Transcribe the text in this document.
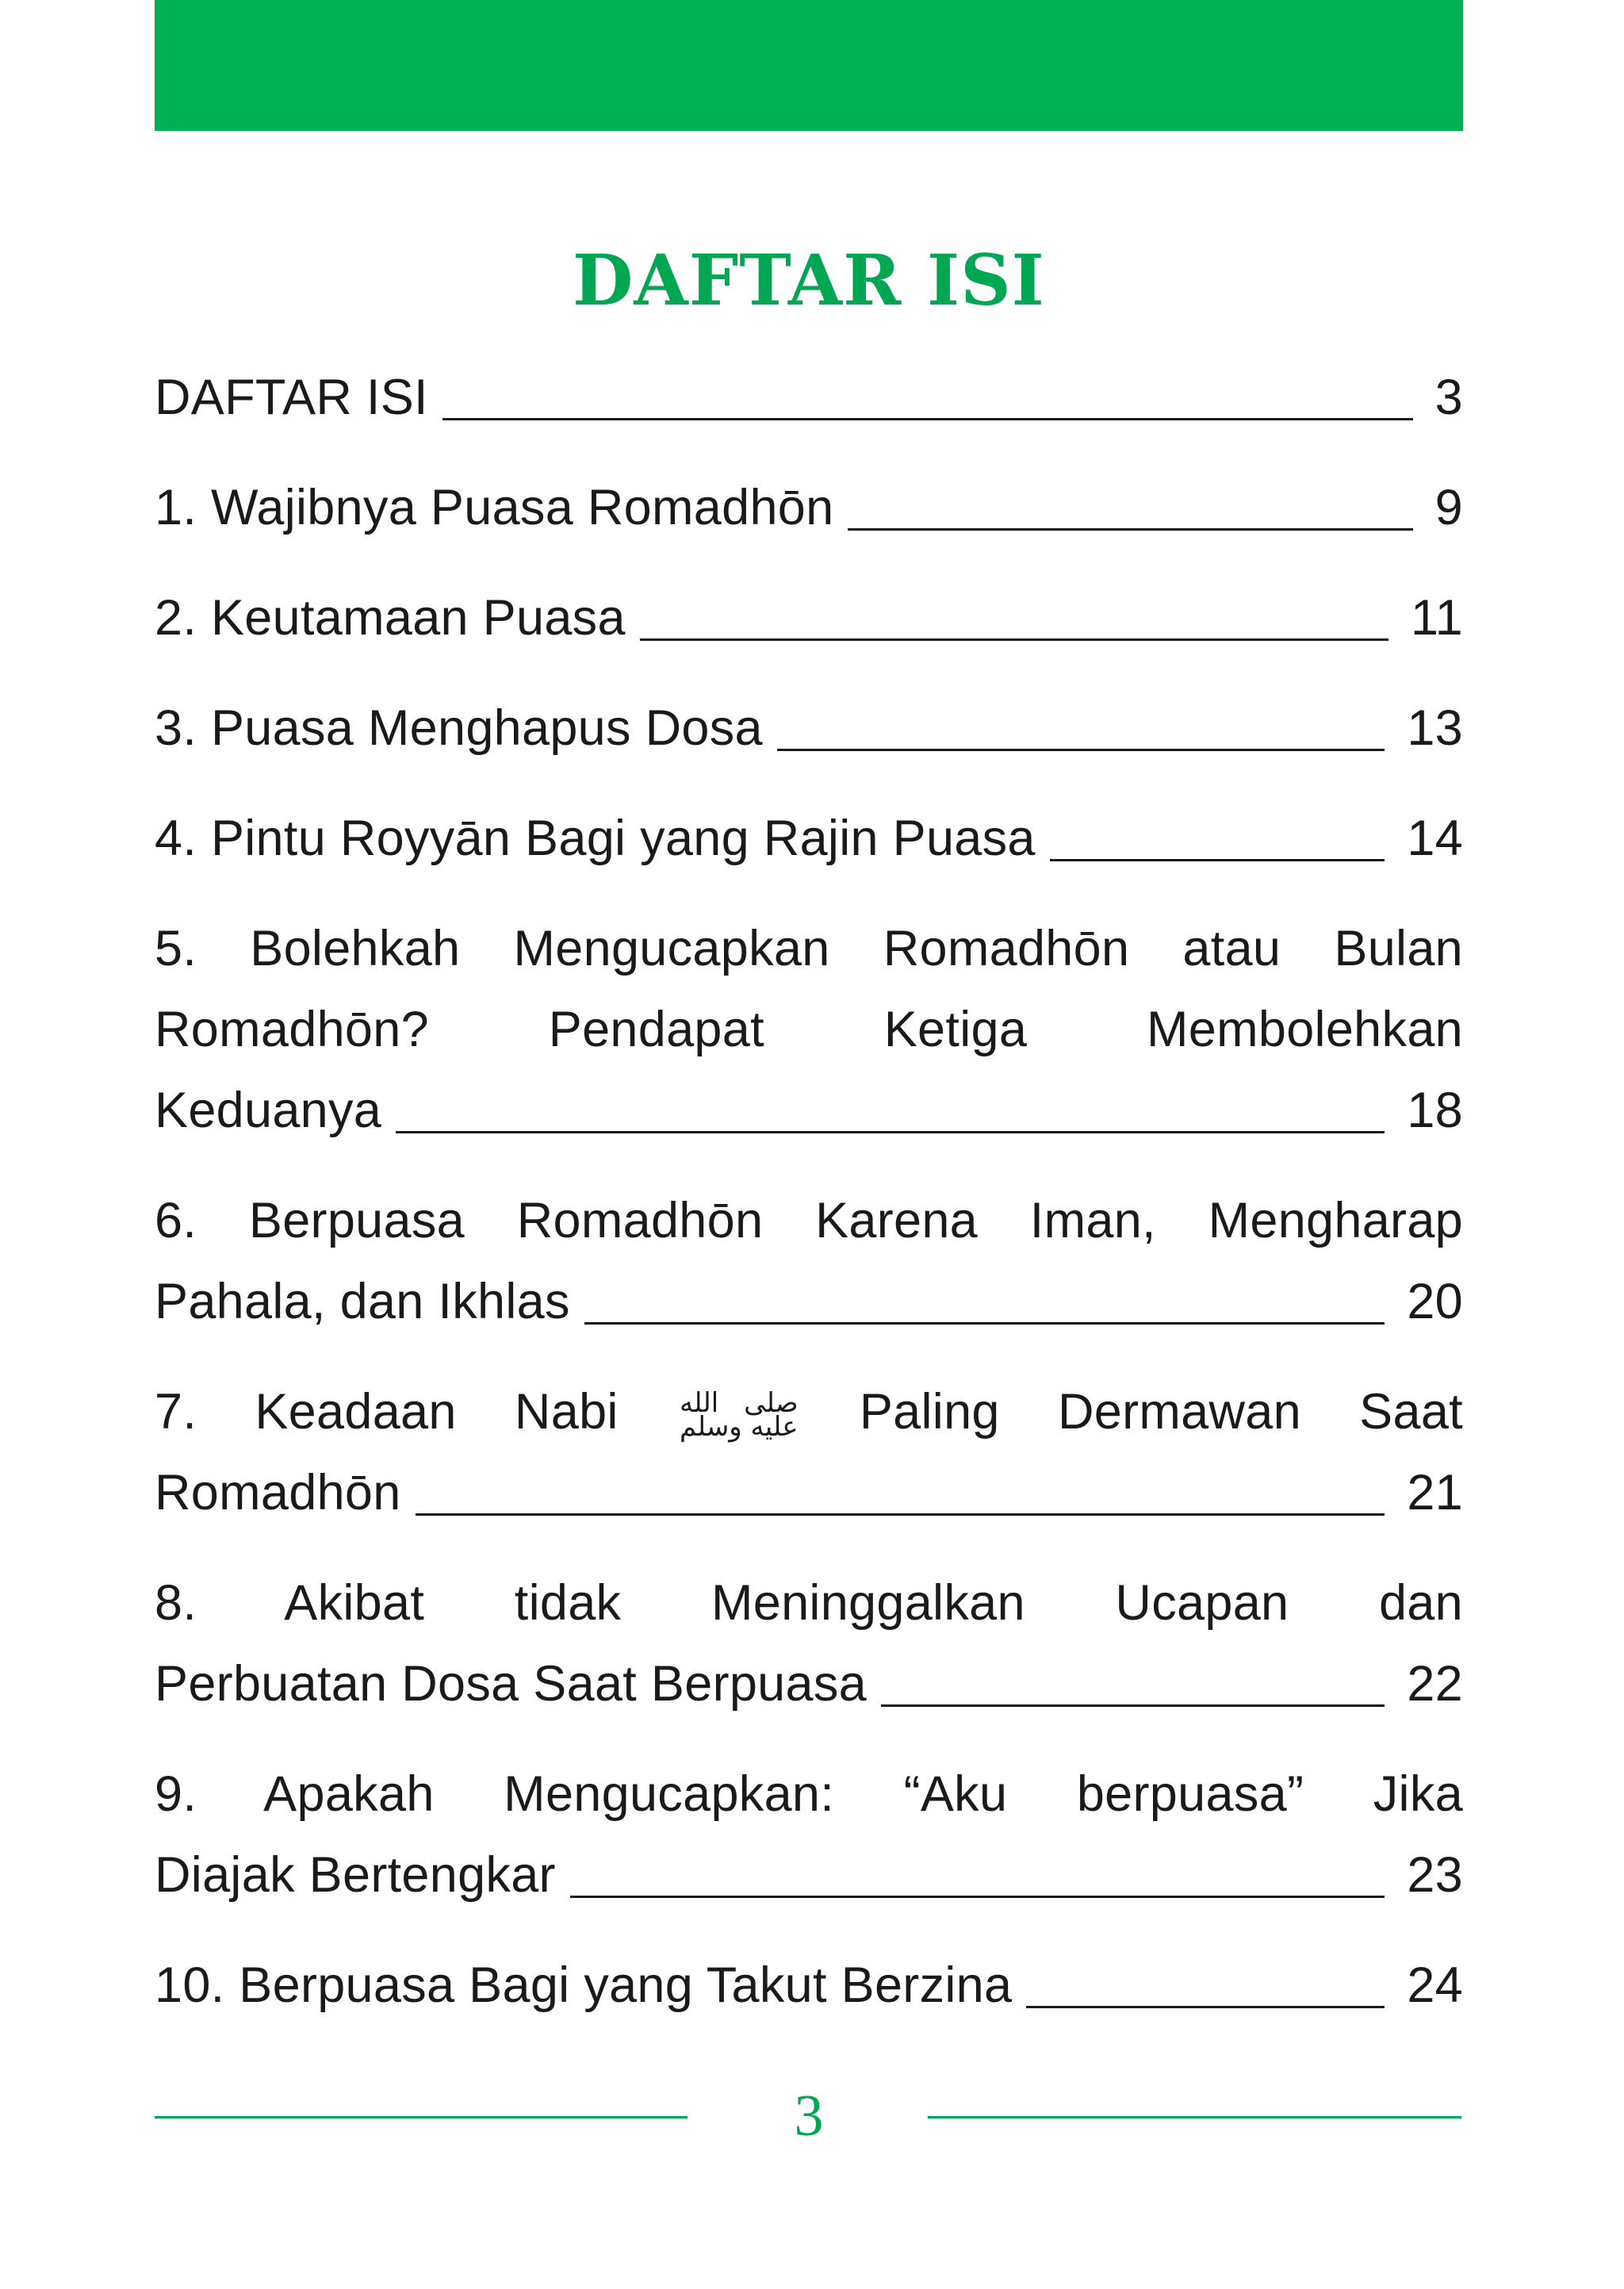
DAFTAR ISI
DAFTAR ISI	3
1. Wajibnya Puasa Romadhōn	9
2. Keutamaan Puasa	11
3. Puasa Menghapus Dosa	13
4. Pintu Royyān Bagi yang Rajin Puasa	14
5. Bolehkah Mengucapkan Romadhōn atau Bulan
Romadhōn? Pendapat Ketiga Membolehkan
Keduanya	18
6. Berpuasa Romadhōn Karena Iman, Mengharap
Pahala, dan Ikhlas	20
7. Keadaan Nabi صلى الله
عليه وسلم Paling Dermawan Saat
Romadhōn	21
8. Akibat tidak Meninggalkan Ucapan dan
Perbuatan Dosa Saat Berpuasa	22
9. Apakah Mengucapkan: “Aku berpuasa” Jika
Diajak Bertengkar	23
10. Berpuasa Bagi yang Takut Berzina	24
3
